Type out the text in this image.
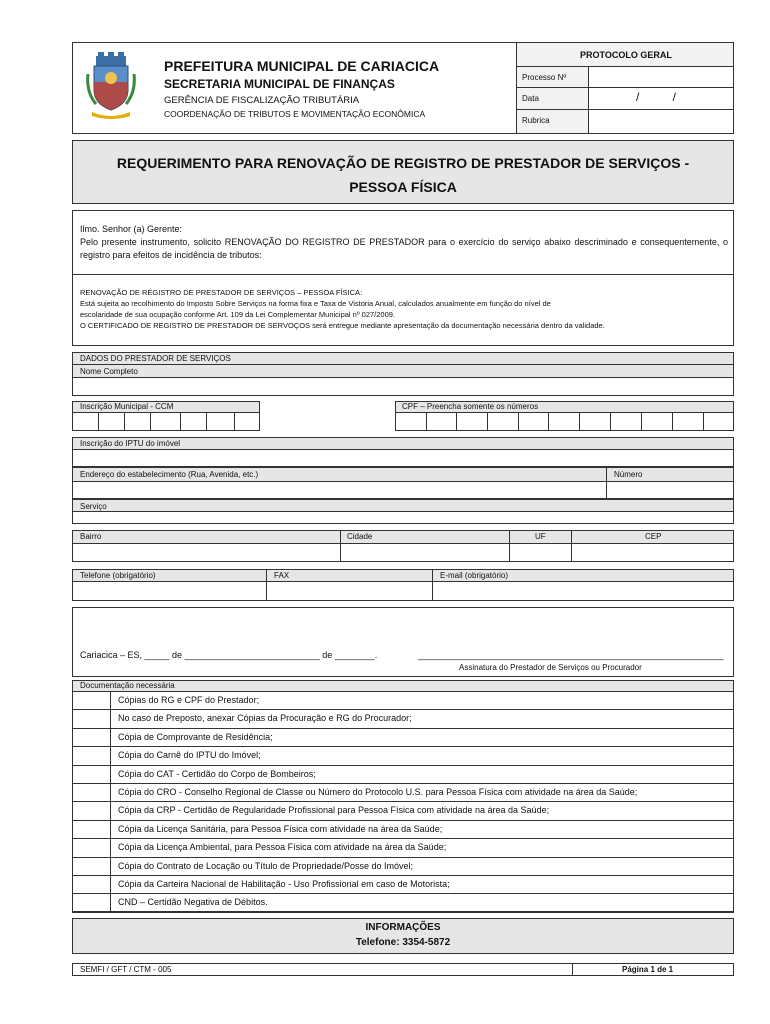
PREFEITURA MUNICIPAL DE CARIACICA
SECRETARIA MUNICIPAL DE FINANÇAS
GERÊNCIA DE FISCALIZAÇÃO TRIBUTÁRIA
COORDENAÇÃO DE TRIBUTOS E MOVIMENTAÇÃO ECONÔMICA
PROTOCOLO GERAL
Processo Nº
Data	/          /
Rubrica
REQUERIMENTO PARA RENOVAÇÃO DE REGISTRO DE PRESTADOR DE SERVIÇOS -
PESSOA FÍSICA
Ilmo. Senhor (a) Gerente:
Pelo presente instrumento, solicito RENOVAÇÃO DO REGISTRO DE PRESTADOR para o exercício do serviço abaixo descriminado e consequentemente, o registro para efeitos de incidência de tributos:
RENOVAÇÃO DE REGISTRO DE PRESTADOR DE SERVIÇOS – PESSOA FÍSICA:
Está sujeita ao recolhimento do Imposto Sobre Serviços na forma fixa e Taxa de Vistoria Anual, calculados anualmente em função do nível de
escolaridade de sua ocupação conforme Art. 109 da Lei Complementar Municipal nº 027/2009.
O CERTIFICADO DE REGISTRO DE PRESTADOR DE SERVOÇOS será entregue mediante apresentação da documentação necessária dentro da validade.
DADOS DO PRESTADOR DE SERVIÇOS
Nome Completo
Inscrição Municipal - CCM	CPF – Preencha somente os números
Inscrição do IPTU do imóvel
Endereço do estabelecimento (Rua, Avenida, etc.)	Número
Serviço
Bairro	Cidade	UF	CEP
Telefone (obrigatório)	FAX	E-mail (obrigatório)
Cariacica – ES, _____ de ___________________________ de ________.	_____________________________________________________________
Assinatura do Prestador de Serviços ou Procurador
Documentação necessária
Cópias do RG e CPF do Prestador;
No caso de Preposto, anexar Cópias da Procuração e RG do Procurador;
Cópia de Comprovante de Residência;
Cópia do Carnê do IPTU do Imóvel;
Cópia do CAT - Certidão do Corpo de Bombeiros;
Cópia do CRO - Conselho Regional de Classe ou Número do Protocolo U.S. para Pessoa Física com atividade na área da Saúde;
Cópia da CRP - Certidão de Regularidade Profissional para Pessoa Física com atividade na área da Saúde;
Cópia da Licença Sanitária, para Pessoa Física com atividade na área da Saúde;
Cópia da Licença Ambiental, para Pessoa Física com atividade na área da Saúde;
Cópia do Contrato de Locação ou Título de Propriedade/Posse do Imóvel;
Cópia da Carteira Nacional de Habilitação - Uso Profissional em caso de Motorista;
CND – Certidão Negativa de Débitos.
INFORMAÇÕES
Telefone: 3354-5872
SEMFI / GFT / CTM - 005	Página 1 de 1
